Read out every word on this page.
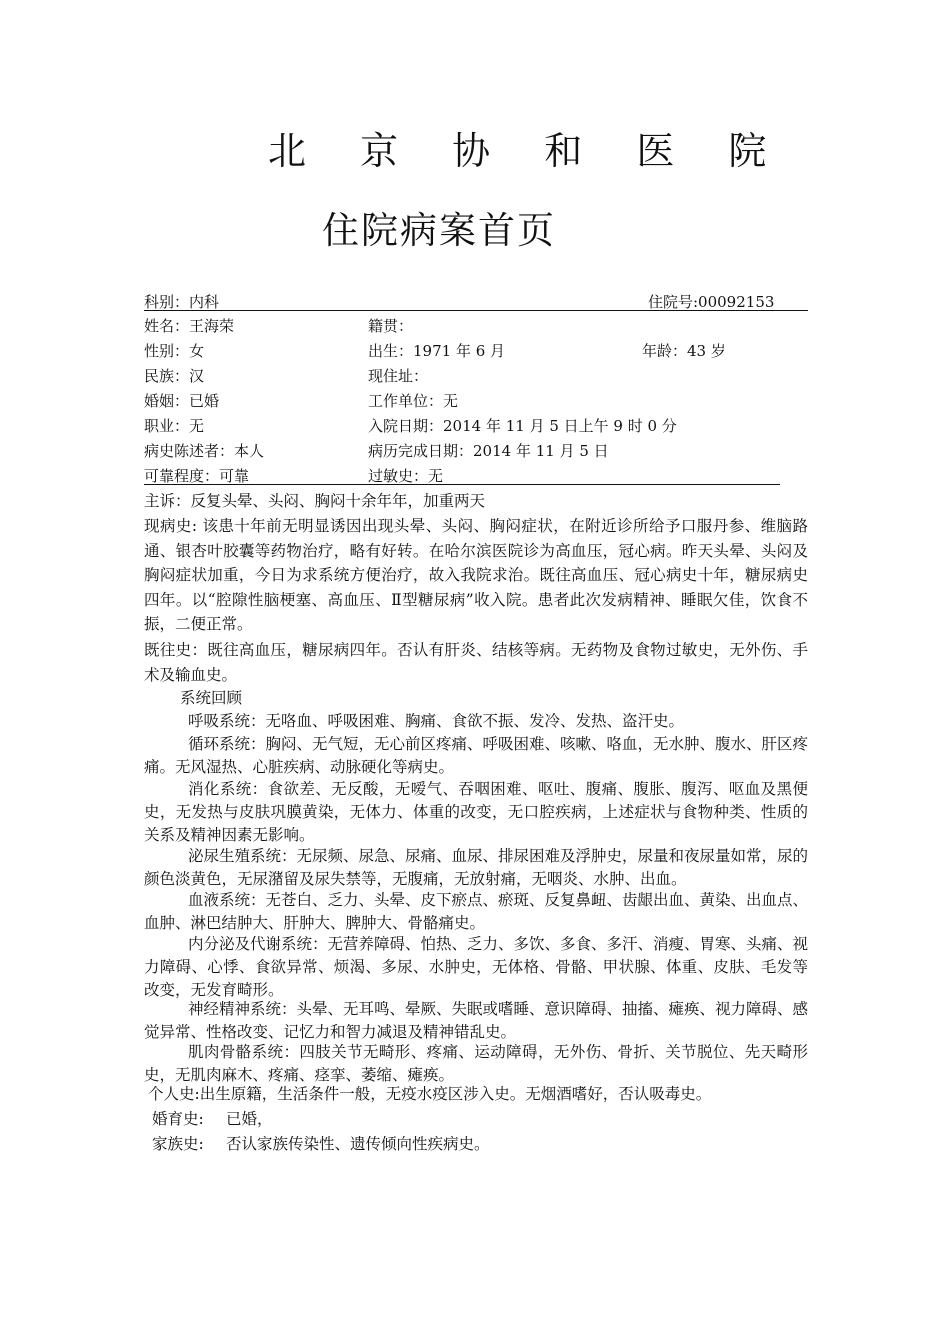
北 京 协 和 医 院
住院病案首页
科别：内科	住院号:00092153
姓名：王海荣	籍贯：
性别：女	出生：1971 年 6 月	年龄：43 岁
民族：汉	现住址：
婚姻：已婚	工作单位：无
职业：无	入院日期：2014 年 11 月 5 日上午 9 时 0 分
病史陈述者：本人	病历完成日期：2014 年 11 月 5 日
可靠程度：可靠	过敏史：无
主诉：反复头晕、头闷、胸闷十余年年，加重两天
现病史: 该患十年前无明显诱因出现头晕、头闷、胸闷症状，在附近诊所给予口服丹参、维脑路通、银杏叶胶囊等药物治疗，略有好转。在哈尔滨医院诊为高血压，冠心病。昨天头晕、头闷及胸闷症状加重，今日为求系统方便治疗，故入我院求治。既往高血压、冠心病史十年，糖尿病史四年。以“腔隙性脑梗塞、高血压、Ⅱ型糖尿病”收入院。患者此次发病精神、睡眠欠佳，饮食不振，二便正常。
既往史：既往高血压，糖尿病四年。否认有肝炎、结核等病。无药物及食物过敏史，无外伤、手术及输血史。
系统回顾
呼吸系统：无咯血、呼吸困难、胸痛、食欲不振、发冷、发热、盗汗史。
循环系统：胸闷、无气短，无心前区疼痛、呼吸困难、咳嗽、咯血，无水肿、腹水、肝区疼痛。无风湿热、心脏疾病、动脉硬化等病史。
消化系统：食欲差、无反酸，无嗳气、吞咽困难、呕吐、腹痛、腹胀、腹泻、呕血及黑便史，无发热与皮肤巩膜黄染，无体力、体重的改变，无口腔疾病，上述症状与食物种类、性质的关系及精神因素无影响。
泌尿生殖系统：无尿频、尿急、尿痛、血尿、排尿困难及浮肿史，尿量和夜尿量如常，尿的颜色淡黄色，无尿潴留及尿失禁等，无腹痛，无放射痛，无咽炎、水肿、出血。
血液系统：无苍白、乏力、头晕、皮下瘀点、瘀斑、反复鼻衄、齿龈出血、黄染、出血点、血肿、淋巴结肿大、肝肿大、脾肿大、骨骼痛史。
内分泌及代谢系统：无营养障碍、怕热、乏力、多饮、多食、多汗、消瘦、胃寒、头痛、视力障碍、心悸、食欲异常、烦渴、多尿、水肿史，无体格、骨骼、甲状腺、体重、皮肤、毛发等改变，无发育畸形。
神经精神系统：头晕、无耳鸣、晕厥、失眠或嗜睡、意识障碍、抽搐、瘫痪、视力障碍、感觉异常、性格改变、记忆力和智力减退及精神错乱史。
肌肉骨骼系统：四肢关节无畸形、疼痛、运动障碍，无外伤、骨折、关节脱位、先天畸形史，无肌肉麻木、疼痛、痉挛、萎缩、瘫痪。
个人史:出生原籍，生活条件一般，无疫水疫区涉入史。无烟酒嗜好，否认吸毒史。
婚育史: 已婚，
家族史: 否认家族传染性、遗传倾向性疾病史。
